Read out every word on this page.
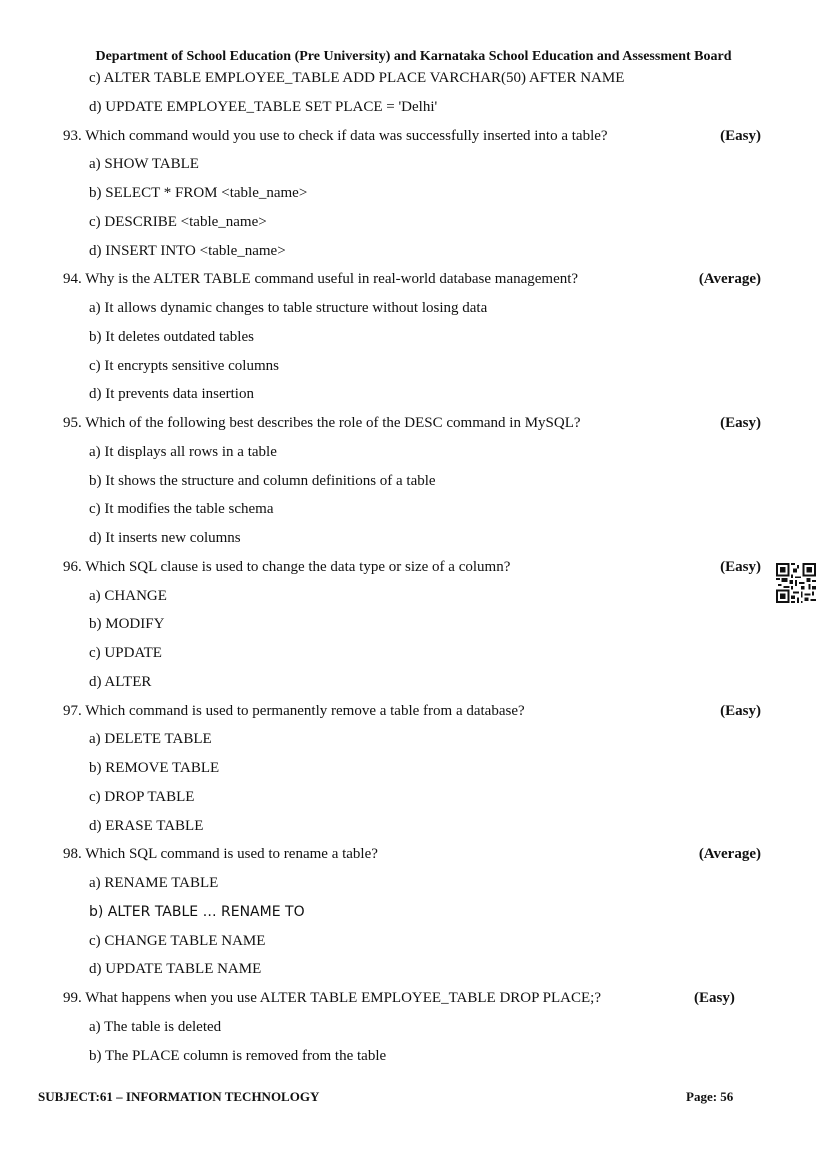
Department of School Education (Pre University) and Karnataka School Education and Assessment Board
c) ALTER TABLE EMPLOYEE_TABLE ADD PLACE VARCHAR(50) AFTER NAME
d) UPDATE EMPLOYEE_TABLE SET PLACE = 'Delhi'
93. Which command would you use to check if data was successfully inserted into a table?	(Easy)
a) SHOW TABLE
b) SELECT * FROM <table_name>
c) DESCRIBE <table_name>
d) INSERT INTO <table_name>
94. Why is the ALTER TABLE command useful in real-world database management?	(Average)
a) It allows dynamic changes to table structure without losing data
b) It deletes outdated tables
c) It encrypts sensitive columns
d) It prevents data insertion
95. Which of the following best describes the role of the DESC command in MySQL?	(Easy)
a) It displays all rows in a table
b) It shows the structure and column definitions of a table
c) It modifies the table schema
d) It inserts new columns
96. Which SQL clause is used to change the data type or size of a column?	(Easy)
a) CHANGE
b) MODIFY
c) UPDATE
d) ALTER
97. Which command is used to permanently remove a table from a database?	(Easy)
a) DELETE TABLE
b) REMOVE TABLE
c) DROP TABLE
d) ERASE TABLE
98. Which SQL command is used to rename a table?	(Average)
a) RENAME TABLE
b) ALTER TABLE … RENAME TO
c) CHANGE TABLE NAME
d) UPDATE TABLE NAME
99. What happens when you use ALTER TABLE EMPLOYEE_TABLE DROP PLACE;?	(Easy)
a) The table is deleted
b) The PLACE column is removed from the table
SUBJECT:61 – INFORMATION TECHNOLOGY	Page: 56
